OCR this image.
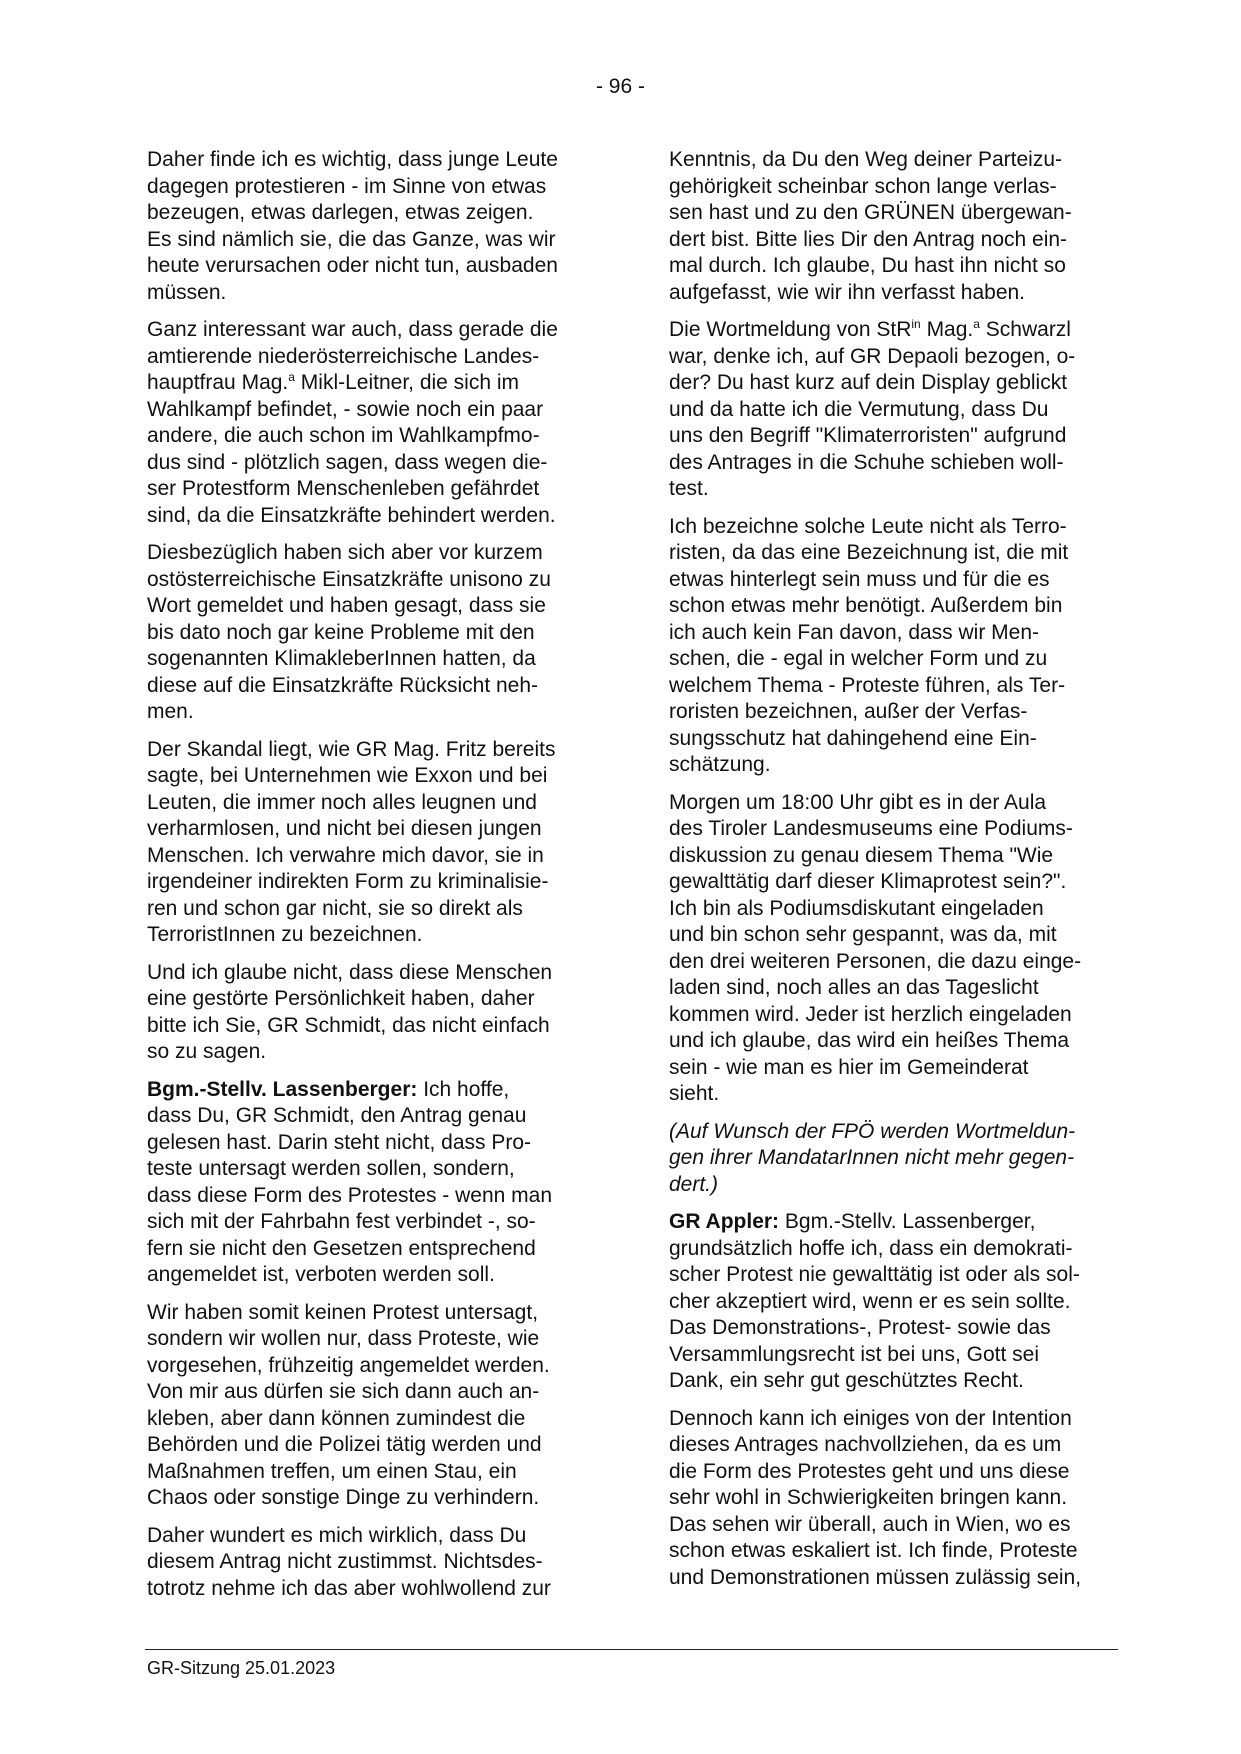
- 96 -

Daher finde ich es wichtig, dass junge Leute
dagegen protestieren - im Sinne von etwas
bezeugen, etwas darlegen, etwas zeigen.
Es sind nämlich sie, die das Ganze, was wir
heute verursachen oder nicht tun, ausbaden
müssen.

Ganz interessant war auch, dass gerade die
amtierende niederösterreichische Landes-
hauptfrau Mag.$^a$ Mikl-Leitner, die sich im
Wahlkampf befindet, - sowie noch ein paar
andere, die auch schon im Wahlkampfmo-
dus sind - plötzlich sagen, dass wegen die-
ser Protestform Menschenleben gefährdet
sind, da die Einsatzkräfte behindert werden.

Diesbezüglich haben sich aber vor kurzem
ostösterreichische Einsatzkräfte unisono zu
Wort gemeldet und haben gesagt, dass sie
bis dato noch gar keine Probleme mit den
sogenannten KlimakleberInnen hatten, da
diese auf die Einsatzkräfte Rücksicht neh-
men.

Der Skandal liegt, wie GR Mag. Fritz bereits
sagte, bei Unternehmen wie Exxon und bei
Leuten, die immer noch alles leugnen und
verharmlosen, und nicht bei diesen jungen
Menschen. Ich verwahre mich davor, sie in
irgendeiner indirekten Form zu kriminalisie-
ren und schon gar nicht, sie so direkt als
TerroristInnen zu bezeichnen.

Und ich glaube nicht, dass diese Menschen
eine gestörte Persönlichkeit haben, daher
bitte ich Sie, GR Schmidt, das nicht einfach
so zu sagen.

Bgm.-Stellv. Lassenberger: Ich hoffe,
dass Du, GR Schmidt, den Antrag genau
gelesen hast. Darin steht nicht, dass Pro-
teste untersagt werden sollen, sondern,
dass diese Form des Protestes - wenn man
sich mit der Fahrbahn fest verbindet -, so-
fern sie nicht den Gesetzen entsprechend
angemeldet ist, verboten werden soll.

Wir haben somit keinen Protest untersagt,
sondern wir wollen nur, dass Proteste, wie
vorgesehen, frühzeitig angemeldet werden.
Von mir aus dürfen sie sich dann auch an-
kleben, aber dann können zumindest die
Behörden und die Polizei tätig werden und
Maßnahmen treffen, um einen Stau, ein
Chaos oder sonstige Dinge zu verhindern.

Daher wundert es mich wirklich, dass Du
diesem Antrag nicht zustimmst. Nichtsdes-
totrotz nehme ich das aber wohlwollend zur

Kenntnis, da Du den Weg deiner Parteizu-
gehörigkeit scheinbar schon lange verlas-
sen hast und zu den GRÜNEN übergewan-
dert bist. Bitte lies Dir den Antrag noch ein-
mal durch. Ich glaube, Du hast ihn nicht so
aufgefasst, wie wir ihn verfasst haben.

Die Wortmeldung von StR$^{in}$ Mag.$^a$ Schwarzl
war, denke ich, auf GR Depaoli bezogen, o-
der? Du hast kurz auf dein Display geblickt
und da hatte ich die Vermutung, dass Du
uns den Begriff "Klimaterroristen" aufgrund
des Antrages in die Schuhe schieben woll-
test.

Ich bezeichne solche Leute nicht als Terro-
risten, da das eine Bezeichnung ist, die mit
etwas hinterlegt sein muss und für die es
schon etwas mehr benötigt. Außerdem bin
ich auch kein Fan davon, dass wir Men-
schen, die - egal in welcher Form und zu
welchem Thema - Proteste führen, als Ter-
roristen bezeichnen, außer der Verfas-
sungsschutz hat dahingehend eine Ein-
schätzung.

Morgen um 18:00 Uhr gibt es in der Aula
des Tiroler Landesmuseums eine Podiums-
diskussion zu genau diesem Thema "Wie
gewalttätig darf dieser Klimaprotest sein?".
Ich bin als Podiumsdiskutant eingeladen
und bin schon sehr gespannt, was da, mit
den drei weiteren Personen, die dazu einge-
laden sind, noch alles an das Tageslicht
kommen wird. Jeder ist herzlich eingeladen
und ich glaube, das wird ein heißes Thema
sein - wie man es hier im Gemeinderat
sieht.

(Auf Wunsch der FPÖ werden Wortmeldun-
gen ihrer MandatarInnen nicht mehr gegen-
dert.)

GR Appler: Bgm.-Stellv. Lassenberger,
grundsätzlich hoffe ich, dass ein demokrati-
scher Protest nie gewalttätig ist oder als sol-
cher akzeptiert wird, wenn er es sein sollte.
Das Demonstrations-, Protest- sowie das
Versammlungsrecht ist bei uns, Gott sei
Dank, ein sehr gut geschütztes Recht.

Dennoch kann ich einiges von der Intention
dieses Antrages nachvollziehen, da es um
die Form des Protestes geht und uns diese
sehr wohl in Schwierigkeiten bringen kann.
Das sehen wir überall, auch in Wien, wo es
schon etwas eskaliert ist. Ich finde, Proteste
und Demonstrationen müssen zulässig sein,

GR-Sitzung 25.01.2023
